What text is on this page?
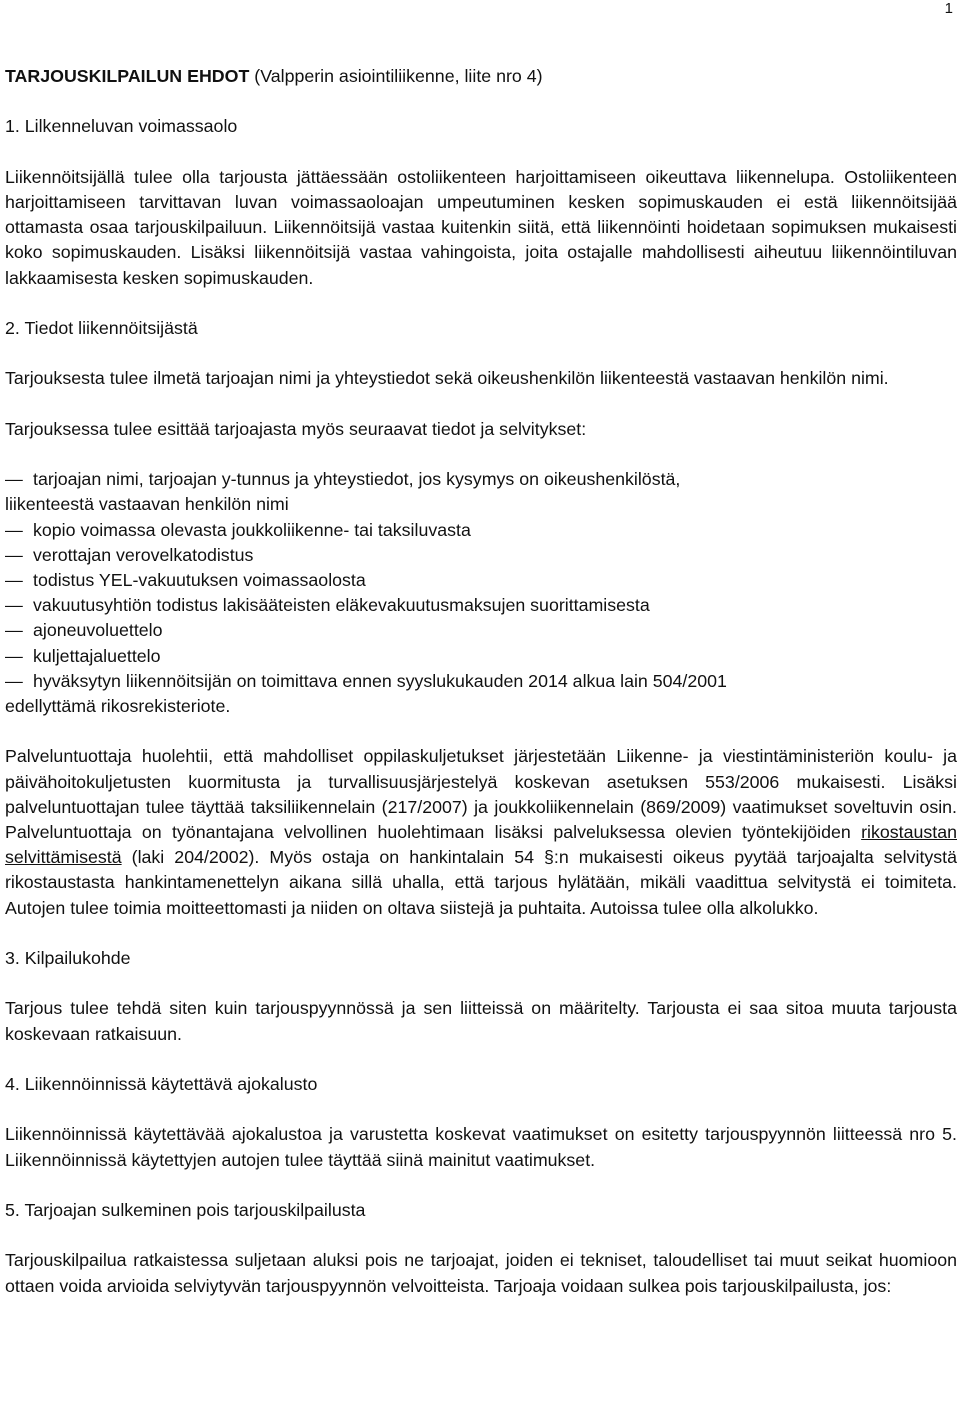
1

TARJOUSKILPAILUN EHDOT (Valpperin asiointiliikenne, liite nro 4)

1. Lilkenneluvan voimassaolo

Liikennöitsijällä tulee olla tarjousta jättäessään ostoliikenteen harjoittamiseen oikeuttava liikennelupa. Ostoliikenteen harjoittamiseen tarvittavan luvan voimassaoloajan umpeutuminen kesken sopimuskauden ei estä liikennöitsijää ottamasta osaa tarjouskilpailuun. Liikennöitsijä vastaa kuitenkin siitä, että liikennöinti hoidetaan sopimuksen mukaisesti koko sopimuskauden. Lisäksi liikennöitsijä vastaa vahingoista, joita ostajalle mahdollisesti aiheutuu liikennöintiluvan lakkaamisesta kesken sopimuskauden.

2. Tiedot liikennöitsijästä

Tarjouksesta tulee ilmetä tarjoajan nimi ja yhteystiedot sekä oikeushenkilön liikenteestä vastaavan henkilön nimi.

Tarjouksessa tulee esittää tarjoajasta myös seuraavat tiedot ja selvitykset:

— tarjoajan nimi, tarjoajan y-tunnus ja yhteystiedot, jos kysymys on oikeushenkilöstä,
liikenteestä vastaavan henkilön nimi
— kopio voimassa olevasta joukkoliikenne- tai taksiluvasta
— verottajan verovelkatodistus
— todistus YEL-vakuutuksen voimassaolosta
— vakuutusyhtiön todistus lakisääteisten eläkevakuutusmaksujen suorittamisesta
— ajoneuvoluettelo
— kuljettajaluettelo
— hyväksytyn liikennöitsijän on toimittava ennen syyslukukauden 2014 alkua lain 504/2001
edellyttämä rikosrekisteriote.

Palveluntuottaja huolehtii, että mahdolliset oppilaskuljetukset järjestetään Liikenne- ja viestintäministeriön koulu- ja päivähoitokuljetusten kuormitusta ja turvallisuusjärjestelyä koskevan asetuksen 553/2006 mukaisesti. Lisäksi palveluntuottajan tulee täyttää taksiliikennelain (217/2007) ja joukkoliikennelain (869/2009) vaatimukset soveltuvin osin. Palveluntuottaja on työnantajana velvollinen huolehtimaan lisäksi palveluksessa olevien työntekijöiden rikostaustan selvittämisestä (laki 204/2002). Myös ostaja on hankintalain 54 §:n mukaisesti oikeus pyytää tarjoajalta selvitystä rikostaustasta hankintamenettelyn aikana sillä uhalla, että tarjous hylätään, mikäli vaadittua selvitystä ei toimiteta. Autojen tulee toimia moitteettomasti ja niiden on oltava siistejä ja puhtaita. Autoissa tulee olla alkolukko.

3. Kilpailukohde

Tarjous tulee tehdä siten kuin tarjouspyynnössä ja sen liitteissä on määritelty. Tarjousta ei saa sitoa muuta tarjousta koskevaan ratkaisuun.

4. Liikennöinnissä käytettävä ajokalusto

Liikennöinnissä käytettävää ajokalustoa ja varustetta koskevat vaatimukset on esitetty tarjouspyynnön liitteessä nro 5. Liikennöinnissä käytettyjen autojen tulee täyttää siinä mainitut vaatimukset.

5. Tarjoajan sulkeminen pois tarjouskilpailusta

Tarjouskilpailua ratkaistessa suljetaan aluksi pois ne tarjoajat, joiden ei tekniset, taloudelliset tai muut seikat huomioon ottaen voida arvioida selviytyvän tarjouspyynnön velvoitteista. Tarjoaja voidaan sulkea pois tarjouskilpailusta, jos:
